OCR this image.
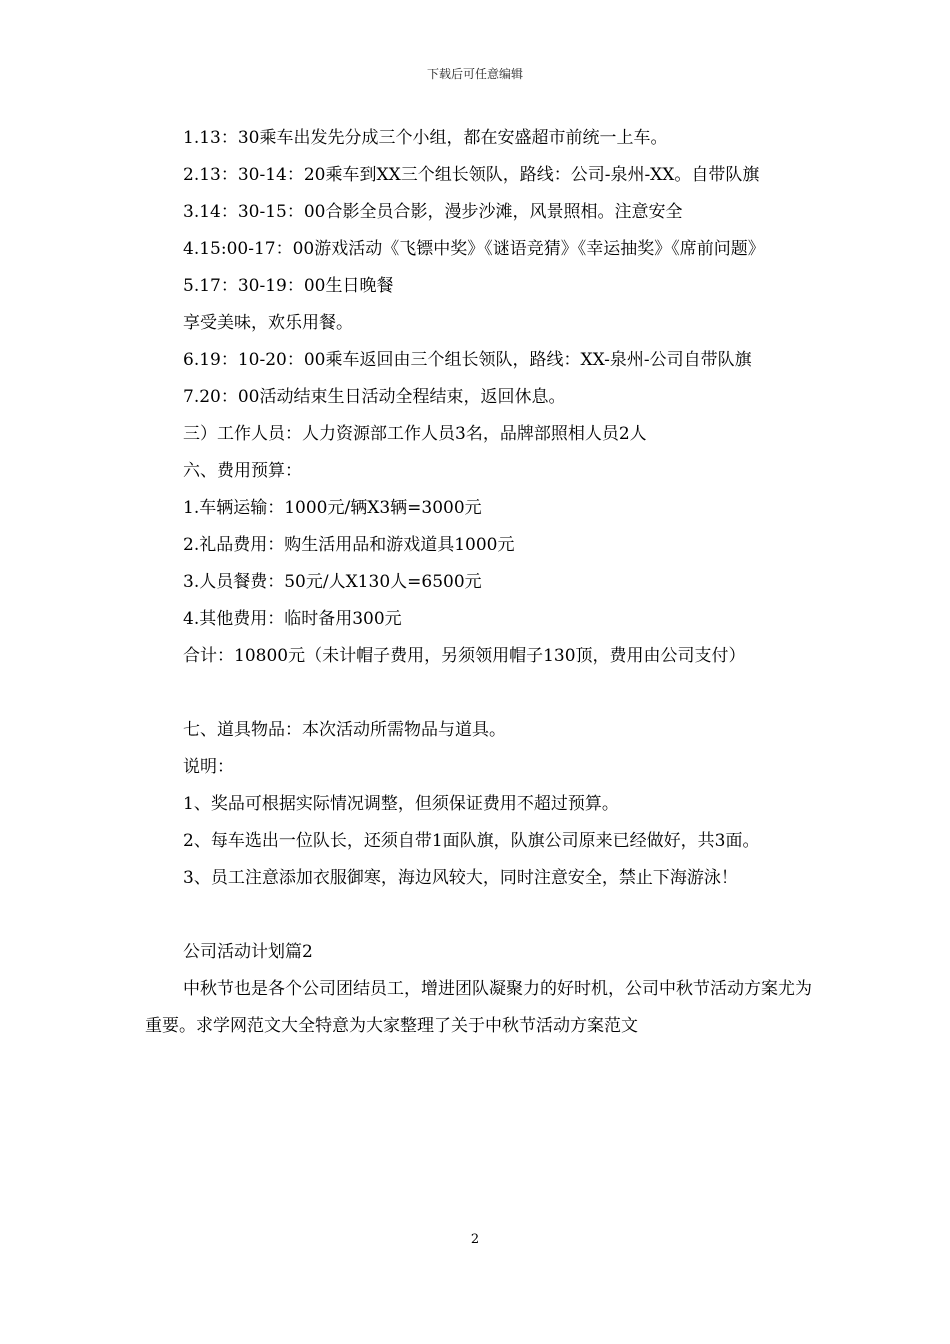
下载后可任意编辑

1.13：30乘车出发先分成三个小组，都在安盛超市前统一上车。

2.13：30-14：20乘车到XX三个组长领队，路线：公司-泉州-XX。自带队旗

3.14：30-15：00合影全员合影，漫步沙滩，风景照相。注意安全

4.15:00-17：00游戏活动《飞镖中奖》《谜语竞猜》《幸运抽奖》《席前问题》

5.17：30-19：00生日晚餐

享受美味，欢乐用餐。

6.19：10-20：00乘车返回由三个组长领队，路线：XX-泉州-公司自带队旗

7.20：00活动结束生日活动全程结束，返回休息。

三）工作人员：人力资源部工作人员3名，品牌部照相人员2人

六、费用预算：

1.车辆运输：1000元/辆X3辆=3000元

2.礼品费用：购生活用品和游戏道具1000元

3.人员餐费：50元/人X130人=6500元

4.其他费用：临时备用300元

合计：10800元（未计帽子费用，另须领用帽子130顶，费用由公司支付）

七、道具物品：本次活动所需物品与道具。

说明：

1、奖品可根据实际情况调整，但须保证费用不超过预算。

2、每车选出一位队长，还须自带1面队旗，队旗公司原来已经做好，共3面。

3、员工注意添加衣服御寒，海边风较大，同时注意安全，禁止下海游泳！

公司活动计划篇2

中秋节也是各个公司团结员工，增进团队凝聚力的好时机，公司中秋节活动方案尤为重要。求学网范文大全特意为大家整理了关于中秋节活动方案范文

2
